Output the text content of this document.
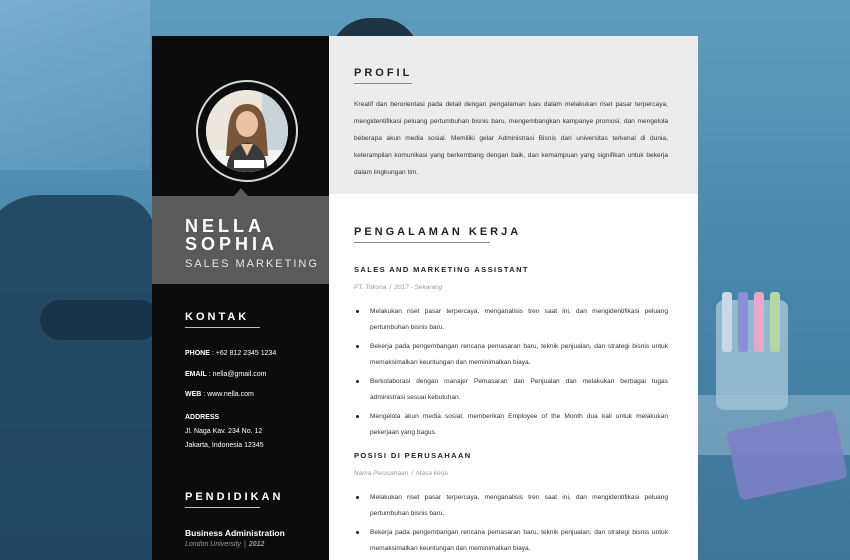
NELLA
SOPHIA
SALES MARKETING
KONTAK
PHONE : +62 812 2345 1234
EMAIL : nella@gmail.com
WEB : www.nella.com
ADDRESS
Jl. Naga Kav. 234 No. 12
Jakarta, Indonesia 12345
PENDIDIKAN
Business Administration
London University | 2012
PROFIL

Kreatif dan berorientasi pada detail dengan pengalaman luas dalam melakukan riset pasar terpercaya, mengidentifikasi peluang pertumbuhan bisnis baru, mengembangkan kampanye promosi, dan mengelola beberapa akun media sosial. Memiliki gelar Administrasi Bisnis dari universitas terkenal di dunia, keterampilan komunikasi yang berkembang dengan baik, dan kemampuan yang signifikan untuk bekerja dalam lingkungan tim.

PENGALAMAN KERJA
SALES AND MARKETING ASSISTANT
PT. Tokona / 2017 - Sekarang
Melakukan riset pasar terpercaya, menganalisis tren saat ini, dan mengidentifikasi peluang pertumbuhan bisnis baru.
Bekerja pada pengembangan rencana pemasaran baru, teknik penjualan, dan strategi bisnis untuk memaksimalkan keuntungan dan meminimalkan biaya.
Berkolaborasi dengan manajer Pemasaran dan Penjualan dan melakukan berbagai tugas administrasi sesuai kebutuhan.
Mengelola akun media sosial; memberikan Employee of the Month dua kali untuk melakukan pekerjaan yang bagus.
POSISI DI PERUSAHAAN
Nama Perusahaan / Masa kerja
Melakukan riset pasar terpercaya, menganalisis tren saat ini, dan mengidentifikasi peluang pertumbuhan bisnis baru.
Bekerja pada pengembangan rencana pemasaran baru, teknik penjualan, dan strategi bisnis untuk memaksimalkan keuntungan dan meminimalkan biaya.
